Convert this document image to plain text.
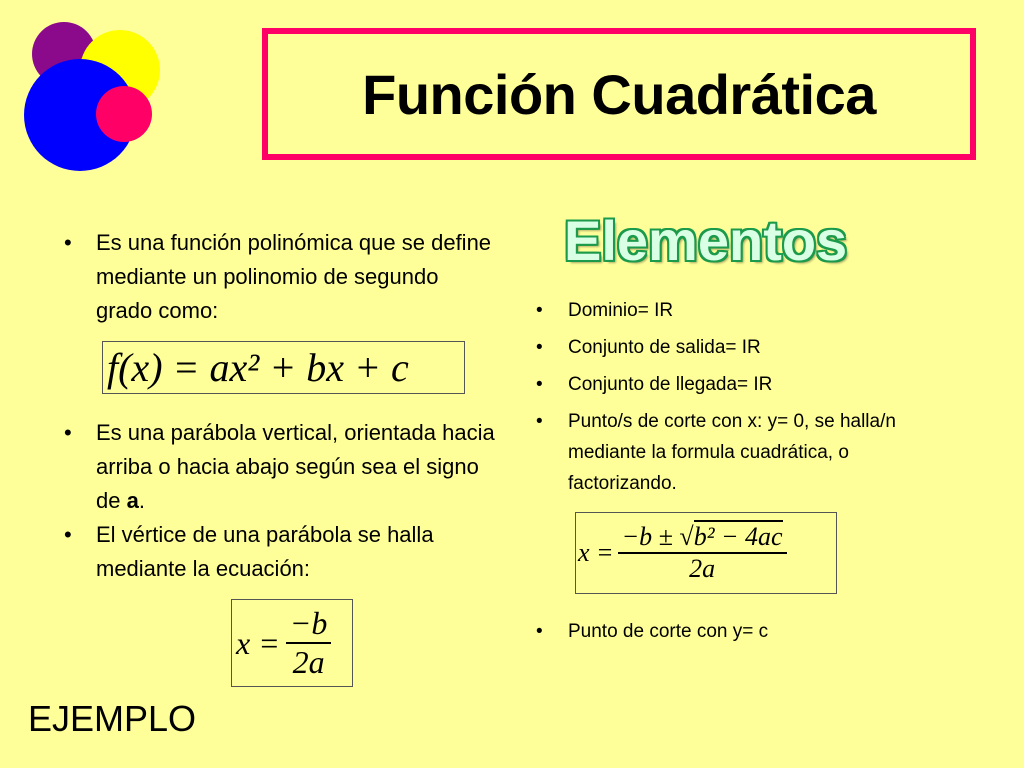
Función Cuadrática
Elementos
• Es una función polinómica que se define mediante un polinomio de segundo grado como:
f(x) = ax² + bx + c
• Es una parábola vertical, orientada hacia arriba o hacia abajo según sea el signo de a.
• El vértice de una parábola se halla mediante la ecuación:
$x = \frac{-b}{2a}$
• Dominio= IR
• Conjunto de salida= IR
• Conjunto de llegada= IR
• Punto/s de corte con x: y= 0, se halla/n mediante la formula cuadrática, o factorizando.
$x = \frac{\text{−b ± √b² − 4ac}}{2a}$
• Punto de corte con y= c
EJEMPLO
